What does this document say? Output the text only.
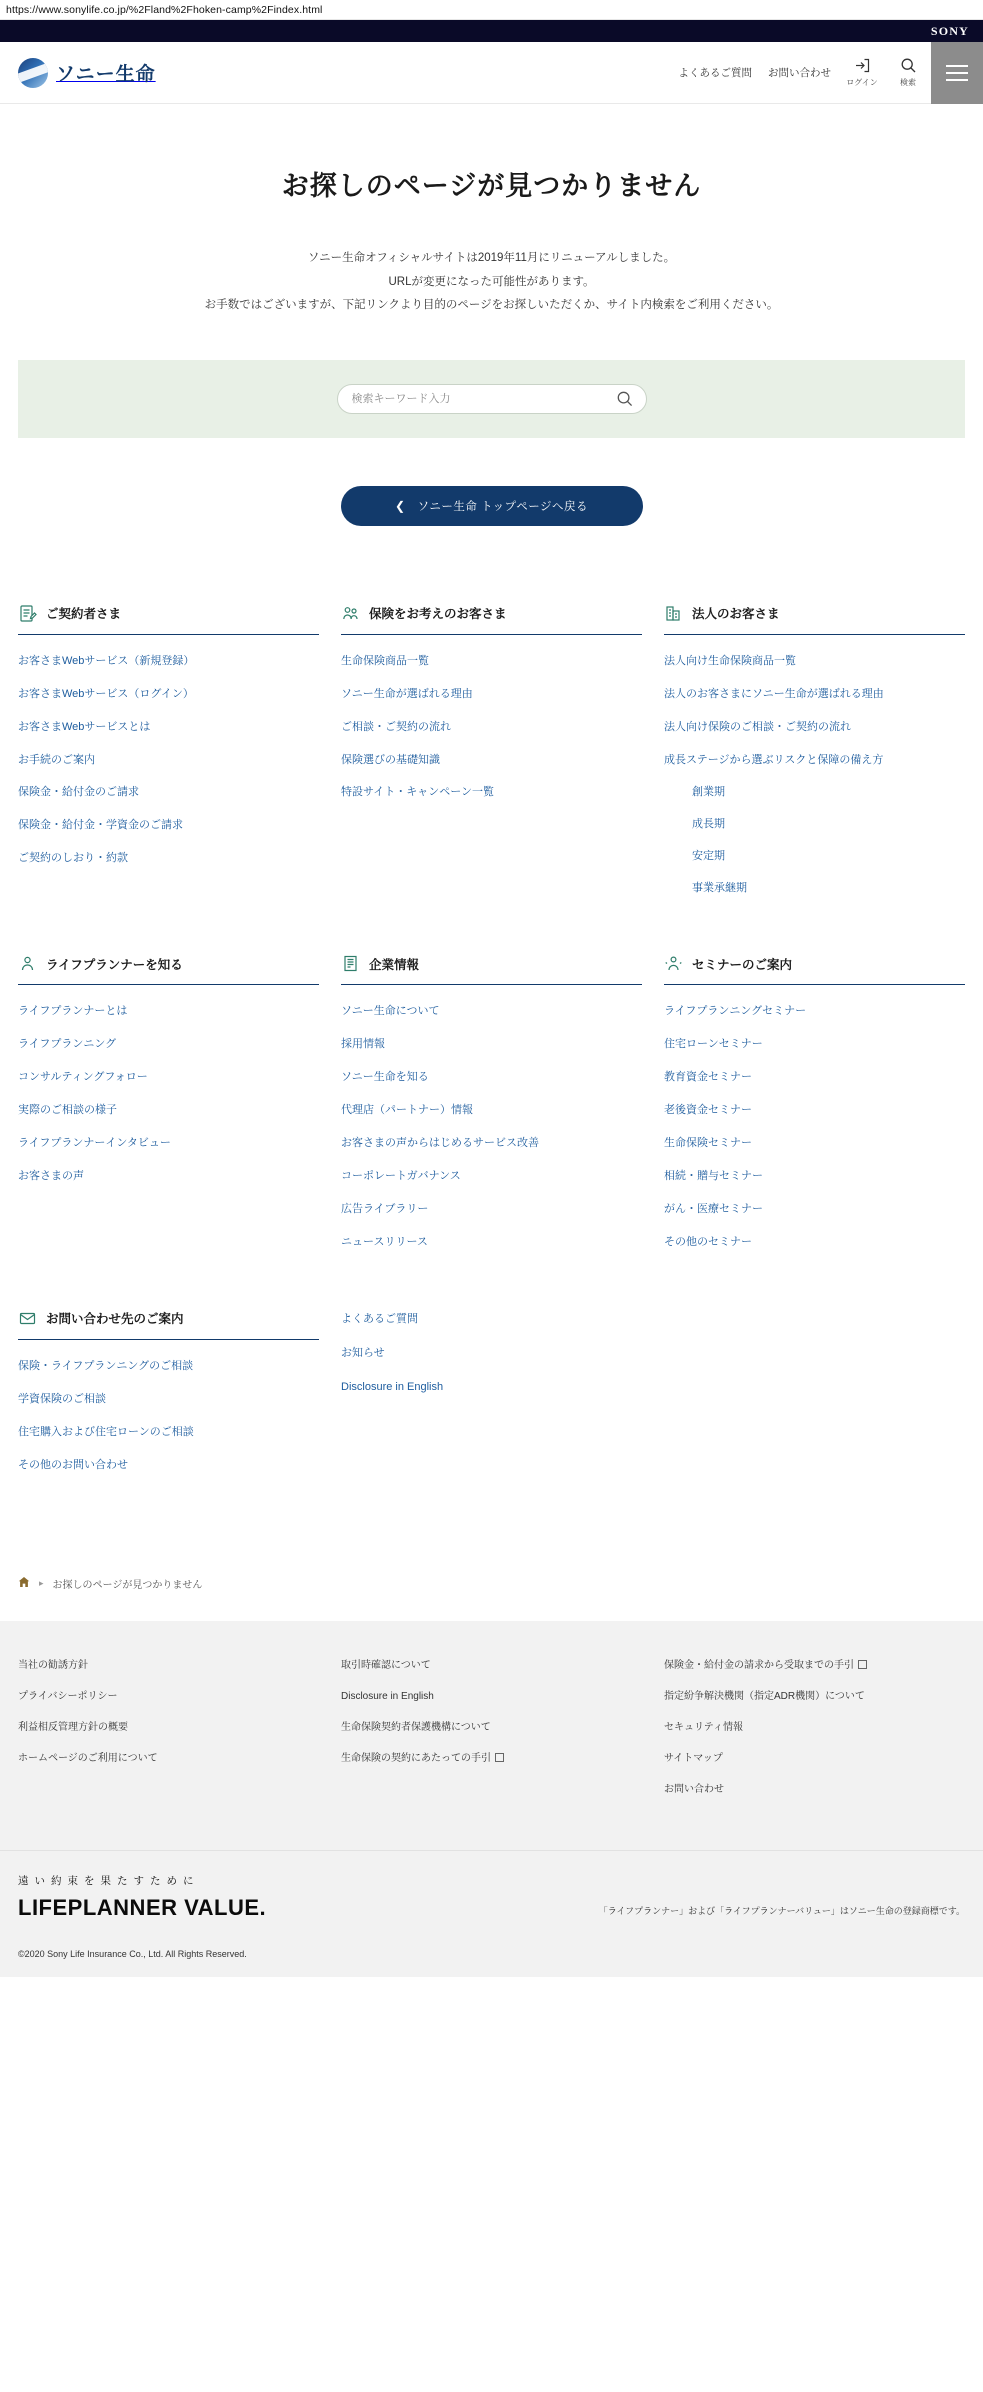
https://www.sonylife.co.jp/%2Fland%2Fhoken-camp%2Findex.html
SONY
ソニー生命	よくあるご質問	お問い合わせ
ログイン	検索
お探しのページが見つかりません
ソニー生命オフィシャルサイトは2019年11月にリニューアルしました。
URLが変更になった可能性があります。
お手数ではございますが、下記リンクより目的のページをお探しいただくか、サイト内検索をご利用ください。
検索キーワード入力
❮ ソニー生命 トップページへ戻る
ご契約者さま
お客さまWebサービス（新規登録）
お客さまWebサービス（ログイン）
お客さまWebサービスとは
お手続のご案内
保険金・給付金のご請求
保険金・給付金・学資金のご請求
ご契約のしおり・約款
保険をお考えのお客さま
生命保険商品一覧
ソニー生命が選ばれる理由
ご相談・ご契約の流れ
保険選びの基礎知識
特設サイト・キャンペーン一覧
法人のお客さま
法人向け生命保険商品一覧
法人のお客さまにソニー生命が選ばれる理由
法人向け保険のご相談・ご契約の流れ
成長ステージから選ぶリスクと保障の備え方
創業期
成長期
安定期
事業承継期
ライフプランナーを知る
ライフプランナーとは
ライフプランニング
コンサルティングフォロー
実際のご相談の様子
ライフプランナーインタビュー
お客さまの声
企業情報
ソニー生命について
採用情報
ソニー生命を知る
代理店（パートナー）情報
お客さまの声からはじめるサービス改善
コーポレートガバナンス
広告ライブラリー
ニュースリリース
セミナーのご案内
ライフプランニングセミナー
住宅ローンセミナー
教育資金セミナー
老後資金セミナー
生命保険セミナー
相続・贈与セミナー
がん・医療セミナー
その他のセミナー
お問い合わせ先のご案内
保険・ライフプランニングのご相談
学資保険のご相談
住宅購入および住宅ローンのご相談
その他のお問い合わせ
よくあるご質問
お知らせ
Disclosure in English
▸ お探しのページが見つかりません
当社の勧誘方針
プライバシーポリシー
利益相反管理方針の概要
ホームページのご利用について
取引時確認について
Disclosure in English
生命保険契約者保護機構について
生命保険の契約にあたっての手引
保険金・給付金の請求から受取までの手引
指定紛争解決機関（指定ADR機関）について
セキュリティ情報
サイトマップ
お問い合わせ
遠い約束を果たすために
LIFEPLANNER VALUE.	「ライフプランナー」および「ライフプランナーバリュー」はソニー生命の登録商標です。
©2020 Sony Life Insurance Co., Ltd. All Rights Reserved.
